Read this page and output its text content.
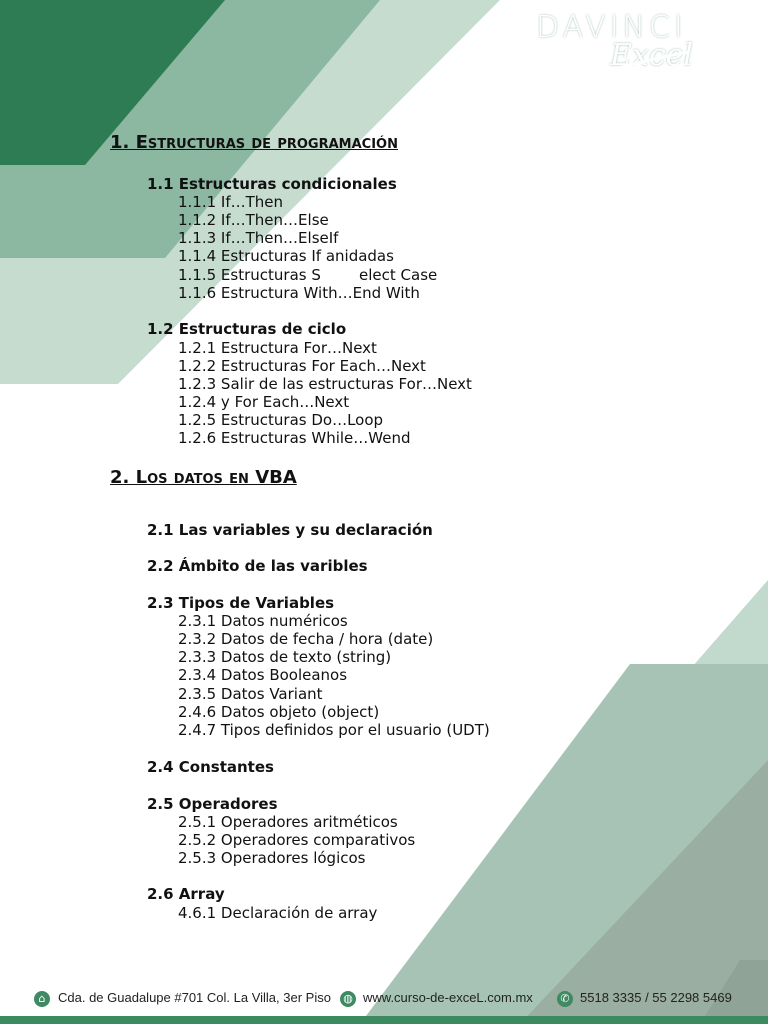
DAVINCI
Excel
1. Estructuras de programación
1.1 Estructuras condicionales
1.1.1 If…Then
1.1.2 If…Then…Else
1.1.3 If…Then…ElseIf
1.1.4 Estructuras If anidadas
1.1.5 Estructuras S        elect Case
1.1.6 Estructura With…End With
1.2 Estructuras de ciclo
1.2.1 Estructura For…Next
1.2.2 Estructuras For Each…Next
1.2.3 Salir de las estructuras For…Next
1.2.4 y For Each…Next
1.2.5 Estructuras Do…Loop
1.2.6 Estructuras While…Wend
2. Los datos en VBA
2.1 Las variables y su declaración
2.2 Ámbito de las varibles
2.3 Tipos de Variables
2.3.1 Datos numéricos
2.3.2 Datos de fecha / hora (date)
2.3.3 Datos de texto (string)
2.3.4 Datos Booleanos
2.3.5 Datos Variant
2.4.6 Datos objeto (object)
2.4.7 Tipos definidos por el usuario (UDT)
2.4 Constantes
2.5 Operadores
2.5.1 Operadores aritméticos
2.5.2 Operadores comparativos
2.5.3 Operadores lógicos
2.6 Array
4.6.1 Declaración de array
⌂ Cda. de Guadalupe #701 Col. La Villa, 3er Piso ◍ www.curso-de-exceL.com.mx	✆ 5518 3335 / 55 2298 5469
